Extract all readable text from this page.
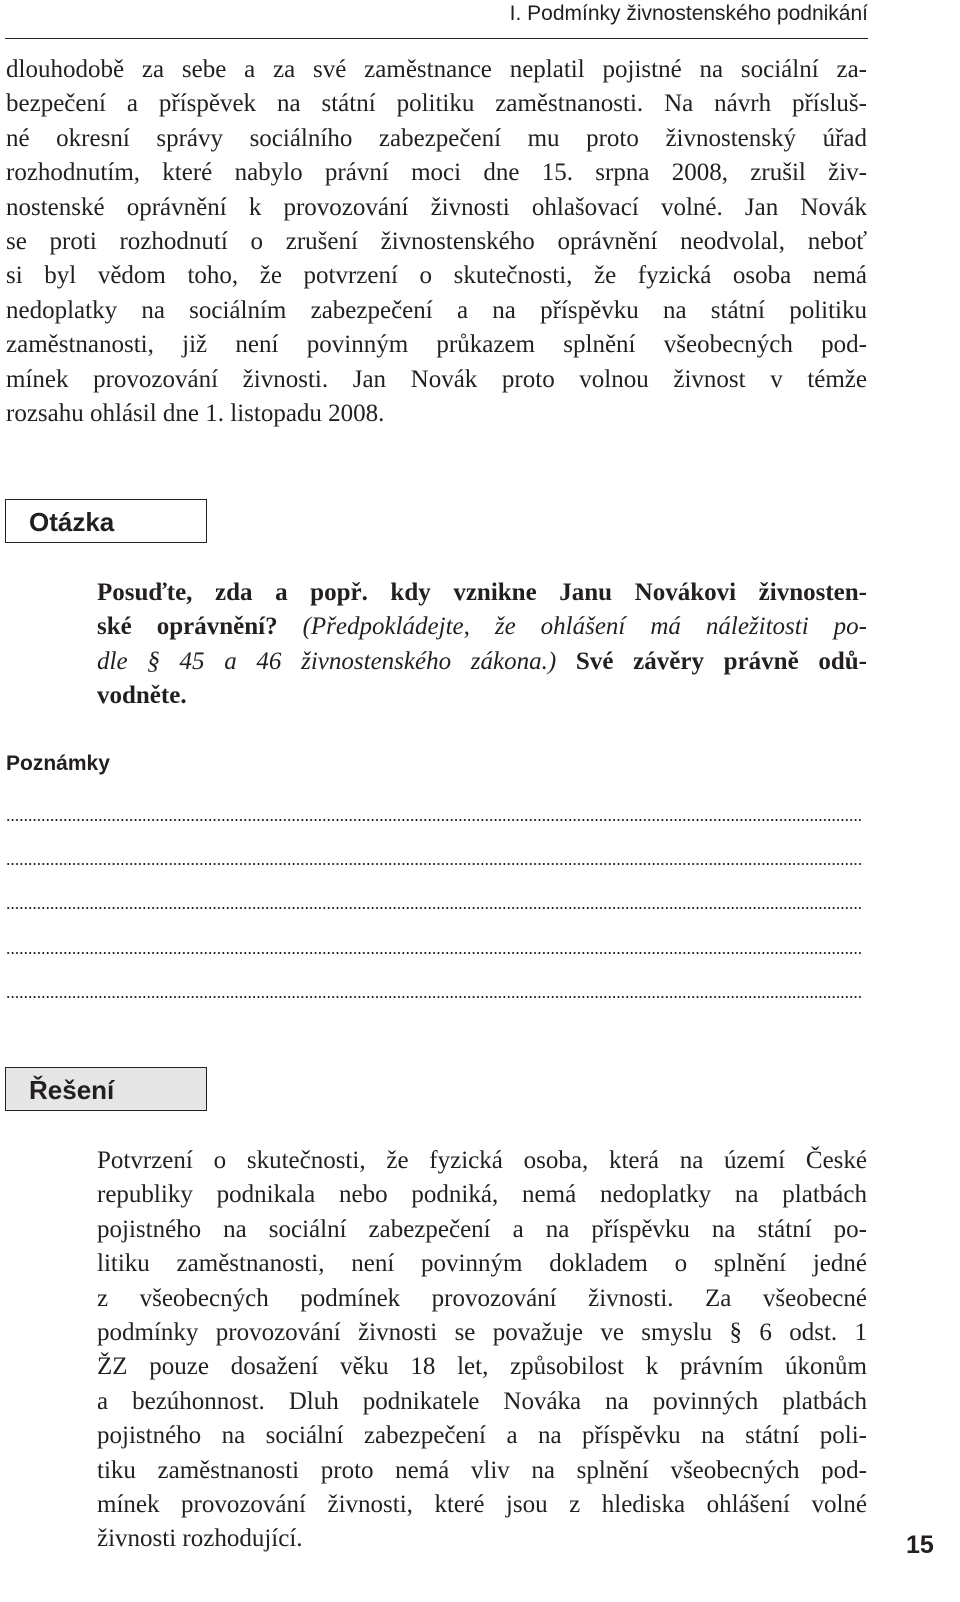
I. Podmínky živnostenského podnikání
dlouhodobě za sebe a za své zaměstnance neplatil pojistné na sociální za-
bezpečení a příspěvek na státní politiku zaměstnanosti. Na návrh přísluš-
né okresní správy sociálního zabezpečení mu proto živnostenský úřad
rozhodnutím, které nabylo právní moci dne 15. srpna 2008, zrušil živ-
nostenské oprávnění k provozování živnosti ohlašovací volné. Jan Novák
se proti rozhodnutí o zrušení živnostenského oprávnění neodvolal, neboť
si byl vědom toho, že potvrzení o skutečnosti, že fyzická osoba nemá
nedoplatky na sociálním zabezpečení a na příspěvku na státní politiku
zaměstnanosti, již není povinným průkazem splnění všeobecných pod-
mínek provozování živnosti. Jan Novák proto volnou živnost v témže
rozsahu ohlásil dne 1. listopadu 2008.
Otázka
Posuďte, zda a popř. kdy vznikne Janu Novákovi živnosten-
ské oprávnění? (Předpokládejte, že ohlášení má náležitosti po-
dle § 45 a 46 živnostenského zákona.) Své závěry právně odů-
vodněte.
Poznámky
Řešení
Potvrzení o skutečnosti, že fyzická osoba, která na území České
republiky podnikala nebo podniká, nemá nedoplatky na platbách
pojistného na sociální zabezpečení a na příspěvku na státní po-
litiku zaměstnanosti, není povinným dokladem o splnění jedné
z všeobecných podmínek provozování živnosti. Za všeobecné
podmínky provozování živnosti se považuje ve smyslu § 6 odst. 1
ŽZ pouze dosažení věku 18 let, způsobilost k právním úkonům
a bezúhonnost. Dluh podnikatele Nováka na povinných platbách
pojistného na sociální zabezpečení a na příspěvku na státní poli-
tiku zaměstnanosti proto nemá vliv na splnění všeobecných pod-
mínek provozování živnosti, které jsou z hlediska ohlášení volné
živnosti rozhodující.	15
